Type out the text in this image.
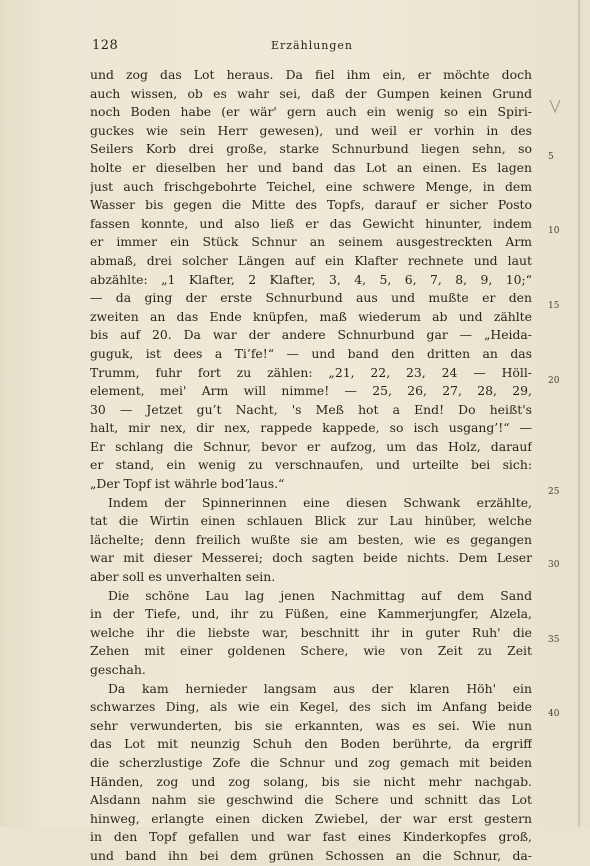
128	Erzählungen
und zog das Lot heraus. Da fiel ihm ein, er möchte doch
auch wissen, ob es wahr sei, daß der Gumpen keinen Grund
noch Boden habe (er wär' gern auch ein wenig so ein Spiri-
guckes wie sein Herr gewesen), und weil er vorhin in des
Seilers Korb drei große, starke Schnurbund liegen sehn, so
holte er dieselben her und band das Lot an einen. Es lagen
just auch frischgebohrte Teichel, eine schwere Menge, in dem
Wasser bis gegen die Mitte des Topfs, darauf er sicher Posto
fassen konnte, und also ließ er das Gewicht hinunter, indem
er immer ein Stück Schnur an seinem ausgestreckten Arm
abmaß, drei solcher Längen auf ein Klafter rechnete und laut
abzählte: „1 Klafter, 2 Klafter, 3, 4, 5, 6, 7, 8, 9, 10;“
— da ging der erste Schnurbund aus und mußte er den
zweiten an das Ende knüpfen, maß wiederum ab und zählte
bis auf 20. Da war der andere Schnurbund gar — „Heida-
guguk, ist dees a Ti’fe!“ — und band den dritten an das
Trumm, fuhr fort zu zählen: „21, 22, 23, 24 — Höll-
element, mei' Arm will nimme! — 25, 26, 27, 28, 29,
30 — Jetzet gu’t Nacht, 's Meß hot a End! Do heißt's
halt, mir nex, dir nex, rappede kappede, so isch usgang’!“ —
Er schlang die Schnur, bevor er aufzog, um das Holz, darauf
er stand, ein wenig zu verschnaufen, und urteilte bei sich:
„Der Topf ist währle bod’laus.“
Indem der Spinnerinnen eine diesen Schwank erzählte,
tat die Wirtin einen schlauen Blick zur Lau hinüber, welche
lächelte; denn freilich wußte sie am besten, wie es gegangen
war mit dieser Messerei; doch sagten beide nichts. Dem Leser
aber soll es unverhalten sein.
Die schöne Lau lag jenen Nachmittag auf dem Sand
in der Tiefe, und, ihr zu Füßen, eine Kammerjungfer, Alzela,
welche ihr die liebste war, beschnitt ihr in guter Ruh' die
Zehen mit einer goldenen Schere, wie von Zeit zu Zeit
geschah.
Da kam hernieder langsam aus der klaren Höh' ein
schwarzes Ding, als wie ein Kegel, des sich im Anfang beide
sehr verwunderten, bis sie erkannten, was es sei. Wie nun
das Lot mit neunzig Schuh den Boden berührte, da ergriff
die scherzlustige Zofe die Schnur und zog gemach mit beiden
Händen, zog und zog solang, bis sie nicht mehr nachgab.
Alsdann nahm sie geschwind die Schere und schnitt das Lot
hinweg, erlangte einen dicken Zwiebel, der war erst gestern
in den Topf gefallen und war fast eines Kinderkopfes groß,
und band ihn bei dem grünen Schossen an die Schnur, da-
5
10
15
20
25
30
35
40
